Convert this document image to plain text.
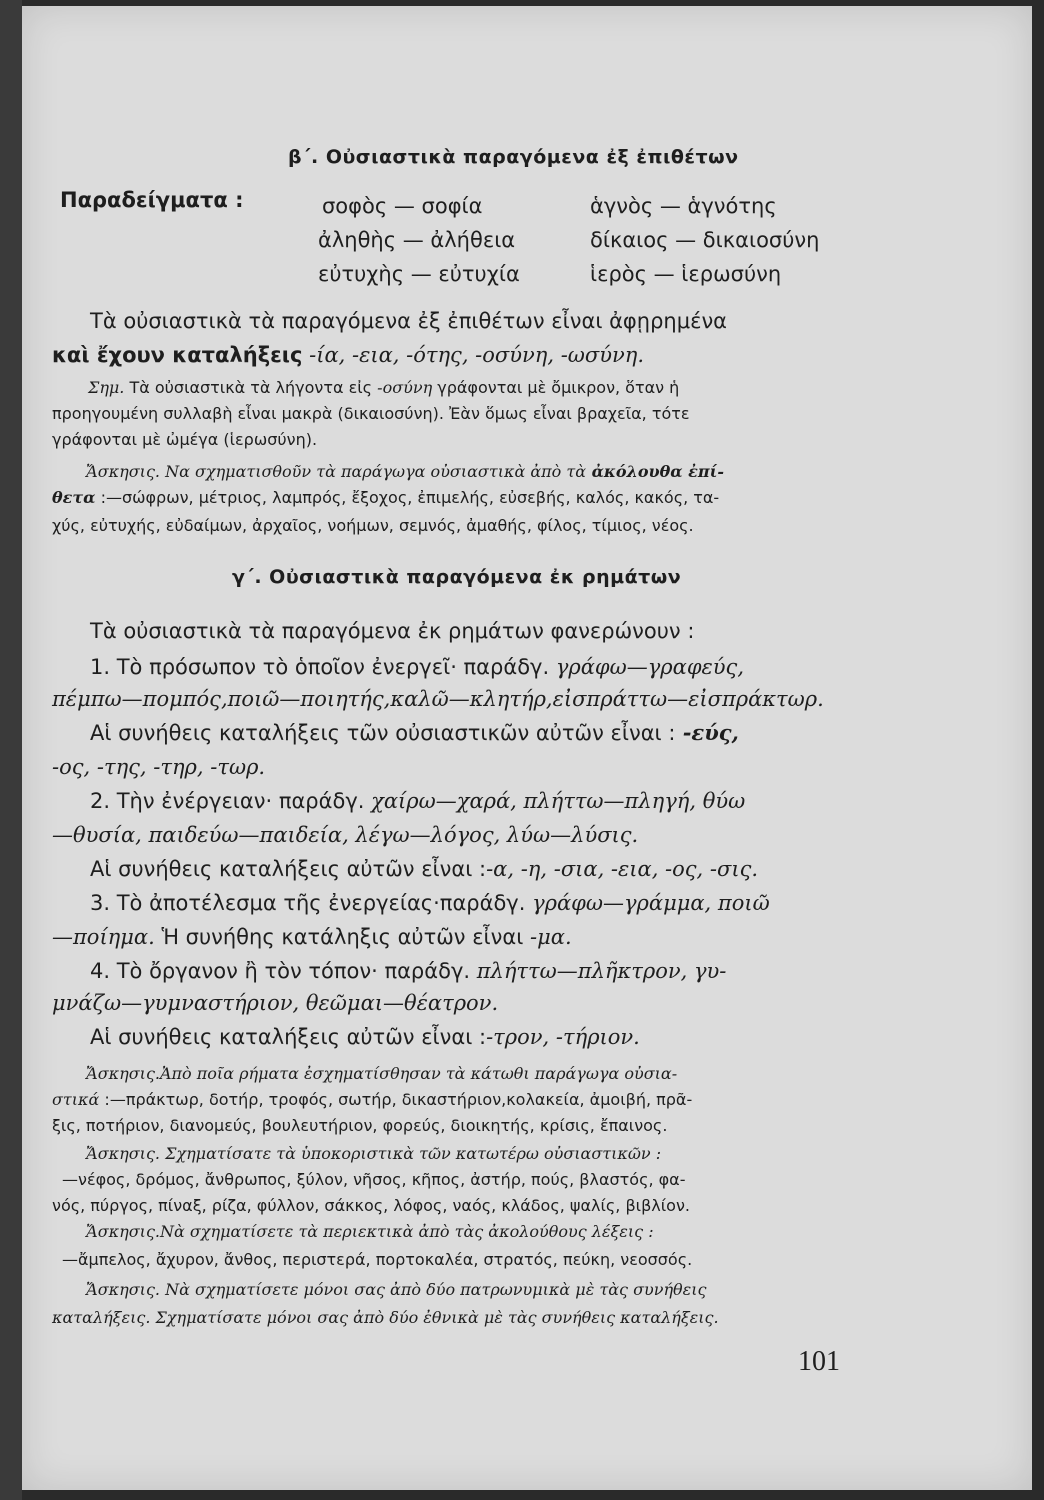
β΄. Οὐσιαστικὰ παραγόμενα ἐξ ἐπιθέτων
Παραδείγματα :	σοφὸς — σοφία
ἀληθὴς — ἀλήθεια
εὐτυχὴς — εὐτυχία
ἁγνὸς — ἁγνότης
δίκαιος — δικαιοσύνη
ἱερὸς — ἱερωσύνη
Τὰ οὐσιαστικὰ τὰ παραγόμενα ἐξ ἐπιθέτων εἶναι ἀφῃρημένα
καὶ ἔχουν καταλήξεις -ία, -εια, -ότης, -οσύνη, -ωσύνη.
Σημ. Τὰ οὐσιαστικὰ τὰ λήγοντα εἰς -οσύνη γράφονται μὲ ὄμικρον, ὅταν ἡ
προηγουμένη συλλαβὴ εἶναι μακρὰ (δικαιοσύνη). Ἐὰν ὅμως εἶναι βραχεῖα, τότε
γράφονται μὲ ὠμέγα (ἱερωσύνη).
Ἄσκησις. Να σχηματισθοῦν τὰ παράγωγα οὐσιαστικὰ ἀπὸ τὰ ἀκόλουθα ἐπί-
θετα :—σώφρων, μέτριος, λαμπρός, ἔξοχος, ἐπιμελής, εὐσεβής, καλός, κακός, τα-
χύς, εὐτυχής, εὐδαίμων, ἀρχαῖος, νοήμων, σεμνός, ἀμαθής, φίλος, τίμιος, νέος.
γ΄. Οὐσιαστικὰ παραγόμενα ἐκ ρημάτων
Τὰ οὐσιαστικὰ τὰ παραγόμενα ἐκ ρημάτων φανερώνουν :
1. Τὸ πρόσωπον τὸ ὁποῖον ἐνεργεῖ· παράδγ. γράφω—γραφεύς,
πέμπω—πομπός,ποιῶ—ποιητής,καλῶ—κλητήρ,εἰσπράττω—εἰσπράκτωρ.
Αἱ συνήθεις καταλήξεις τῶν οὐσιαστικῶν αὐτῶν εἶναι : -εύς,
-ος, -της, -τηρ, -τωρ.
2. Τὴν ἐνέργειαν· παράδγ. χαίρω—χαρά, πλήττω—πληγή, θύω
—θυσία, παιδεύω—παιδεία, λέγω—λόγος, λύω—λύσις.
Αἱ συνήθεις καταλήξεις αὐτῶν εἶναι :-α, -η, -σια, -εια, -ος, -σις.
3. Τὸ ἀποτέλεσμα τῆς ἐνεργείας·παράδγ. γράφω—γράμμα, ποιῶ
—ποίημα. Ἡ συνήθης κατάληξις αὐτῶν εἶναι -μα.
4. Τὸ ὄργανον ἢ τὸν τόπον· παράδγ. πλήττω—πλῆκτρον, γυ-
μνάζω—γυμναστήριον, θεῶμαι—θέατρον.
Αἱ συνήθεις καταλήξεις αὐτῶν εἶναι :-τρον, -τήριον.
Ἄσκησις.Ἀπὸ ποῖα ρήματα ἐσχηματίσθησαν τὰ κάτωθι παράγωγα οὐσια-
στικά :—πράκτωρ, δοτήρ, τροφός, σωτήρ, δικαστήριον,κολακεία, ἀμοιβή, πρᾶ-
ξις, ποτήριον, διανομεύς, βουλευτήριον, φορεύς, διοικητής, κρίσις, ἔπαινος.
Ἄσκησις. Σχηματίσατε τὰ ὑποκοριστικὰ τῶν κατωτέρω οὐσιαστικῶν :
—νέφος, δρόμος, ἄνθρωπος, ξύλον, νῆσος, κῆπος, ἀστήρ, πούς, βλαστός, φα-
νός, πύργος, πίναξ, ρίζα, φύλλον, σάκκος, λόφος, ναός, κλάδος, ψαλίς, βιβλίον.
Ἄσκησις.Νὰ σχηματίσετε τὰ περιεκτικὰ ἀπὸ τὰς ἀκολούθους λέξεις :
—ἄμπελος, ἄχυρον, ἄνθος, περιστερά, πορτοκαλέα, στρατός, πεύκη, νεοσσός.
Ἄσκησις. Νὰ σχηματίσετε μόνοι σας ἀπὸ δύο πατρωνυμικὰ μὲ τὰς συνήθεις
καταλήξεις. Σχηματίσατε μόνοι σας ἀπὸ δύο ἐθνικὰ μὲ τὰς συνήθεις καταλήξεις.
101
